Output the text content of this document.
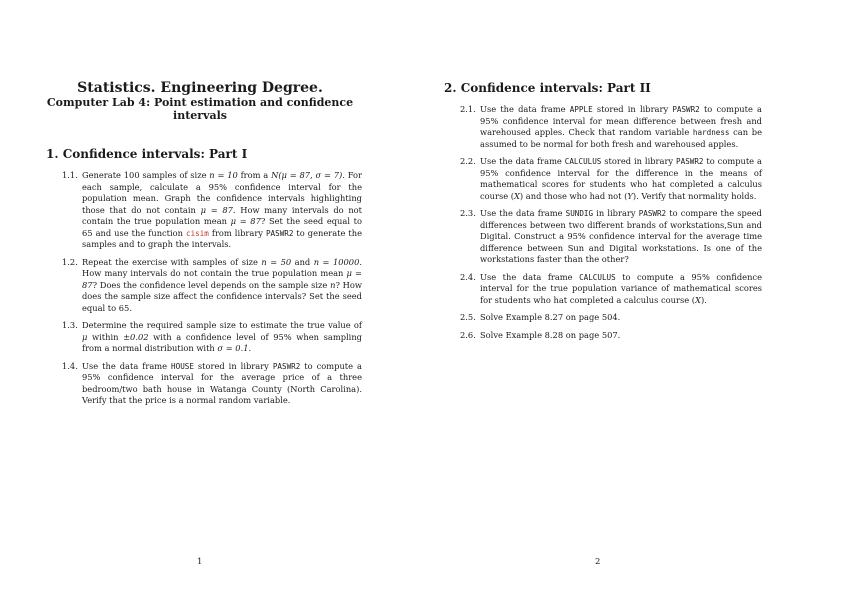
Statistics. Engineering Degree.
Computer Lab 4: Point estimation and confidence
intervals
1. Confidence intervals: Part I
1.1. Generate 100 samples of size n = 10 from a N(μ = 87, σ = 7). For each sample, calculate a 95% confidence interval for the population mean. Graph the confidence intervals highlighting those that do not contain μ = 87. How many intervals do not contain the true population mean μ = 87? Set the seed equal to 65 and use the function cisim from library PASWR2 to generate the samples and to graph the intervals.
1.2. Repeat the exercise with samples of size n = 50 and n = 10000. How many intervals do not contain the true population mean μ = 87? Does the confidence level depends on the sample size n? How does the sample size affect the confidence intervals? Set the seed equal to 65.
1.3. Determine the required sample size to estimate the true value of μ within ±0.02 with a confidence level of 95% when sampling from a normal distribution with σ = 0.1.
1.4. Use the data frame HOUSE stored in library PASWR2 to compute a 95% confidence interval for the average price of a three bedroom/two bath house in Watanga County (North Carolina). Verify that the price is a normal random variable.
1
2. Confidence intervals: Part II
2.1. Use the data frame APPLE stored in library PASWR2 to compute a 95% confidence interval for mean difference between fresh and warehoused apples. Check that random variable hardness can be assumed to be normal for both fresh and warehoused apples.
2.2. Use the data frame CALCULUS stored in library PASWR2 to compute a 95% confidence interval for the difference in the means of mathematical scores for students who hat completed a calculus course (X) and those who had not (Y). Verify that normality holds.
2.3. Use the data frame SUNDIG in library PASWR2 to compare the speed differences between two different brands of workstations,Sun and Digital. Construct a 95% confidence interval for the average time difference between Sun and Digital workstations. Is one of the workstations faster than the other?
2.4. Use the data frame CALCULUS to compute a 95% confidence interval for the true population variance of mathematical scores for students who hat completed a calculus course (X).
2.5. Solve Example 8.27 on page 504.
2.6. Solve Example 8.28 on page 507.
2
